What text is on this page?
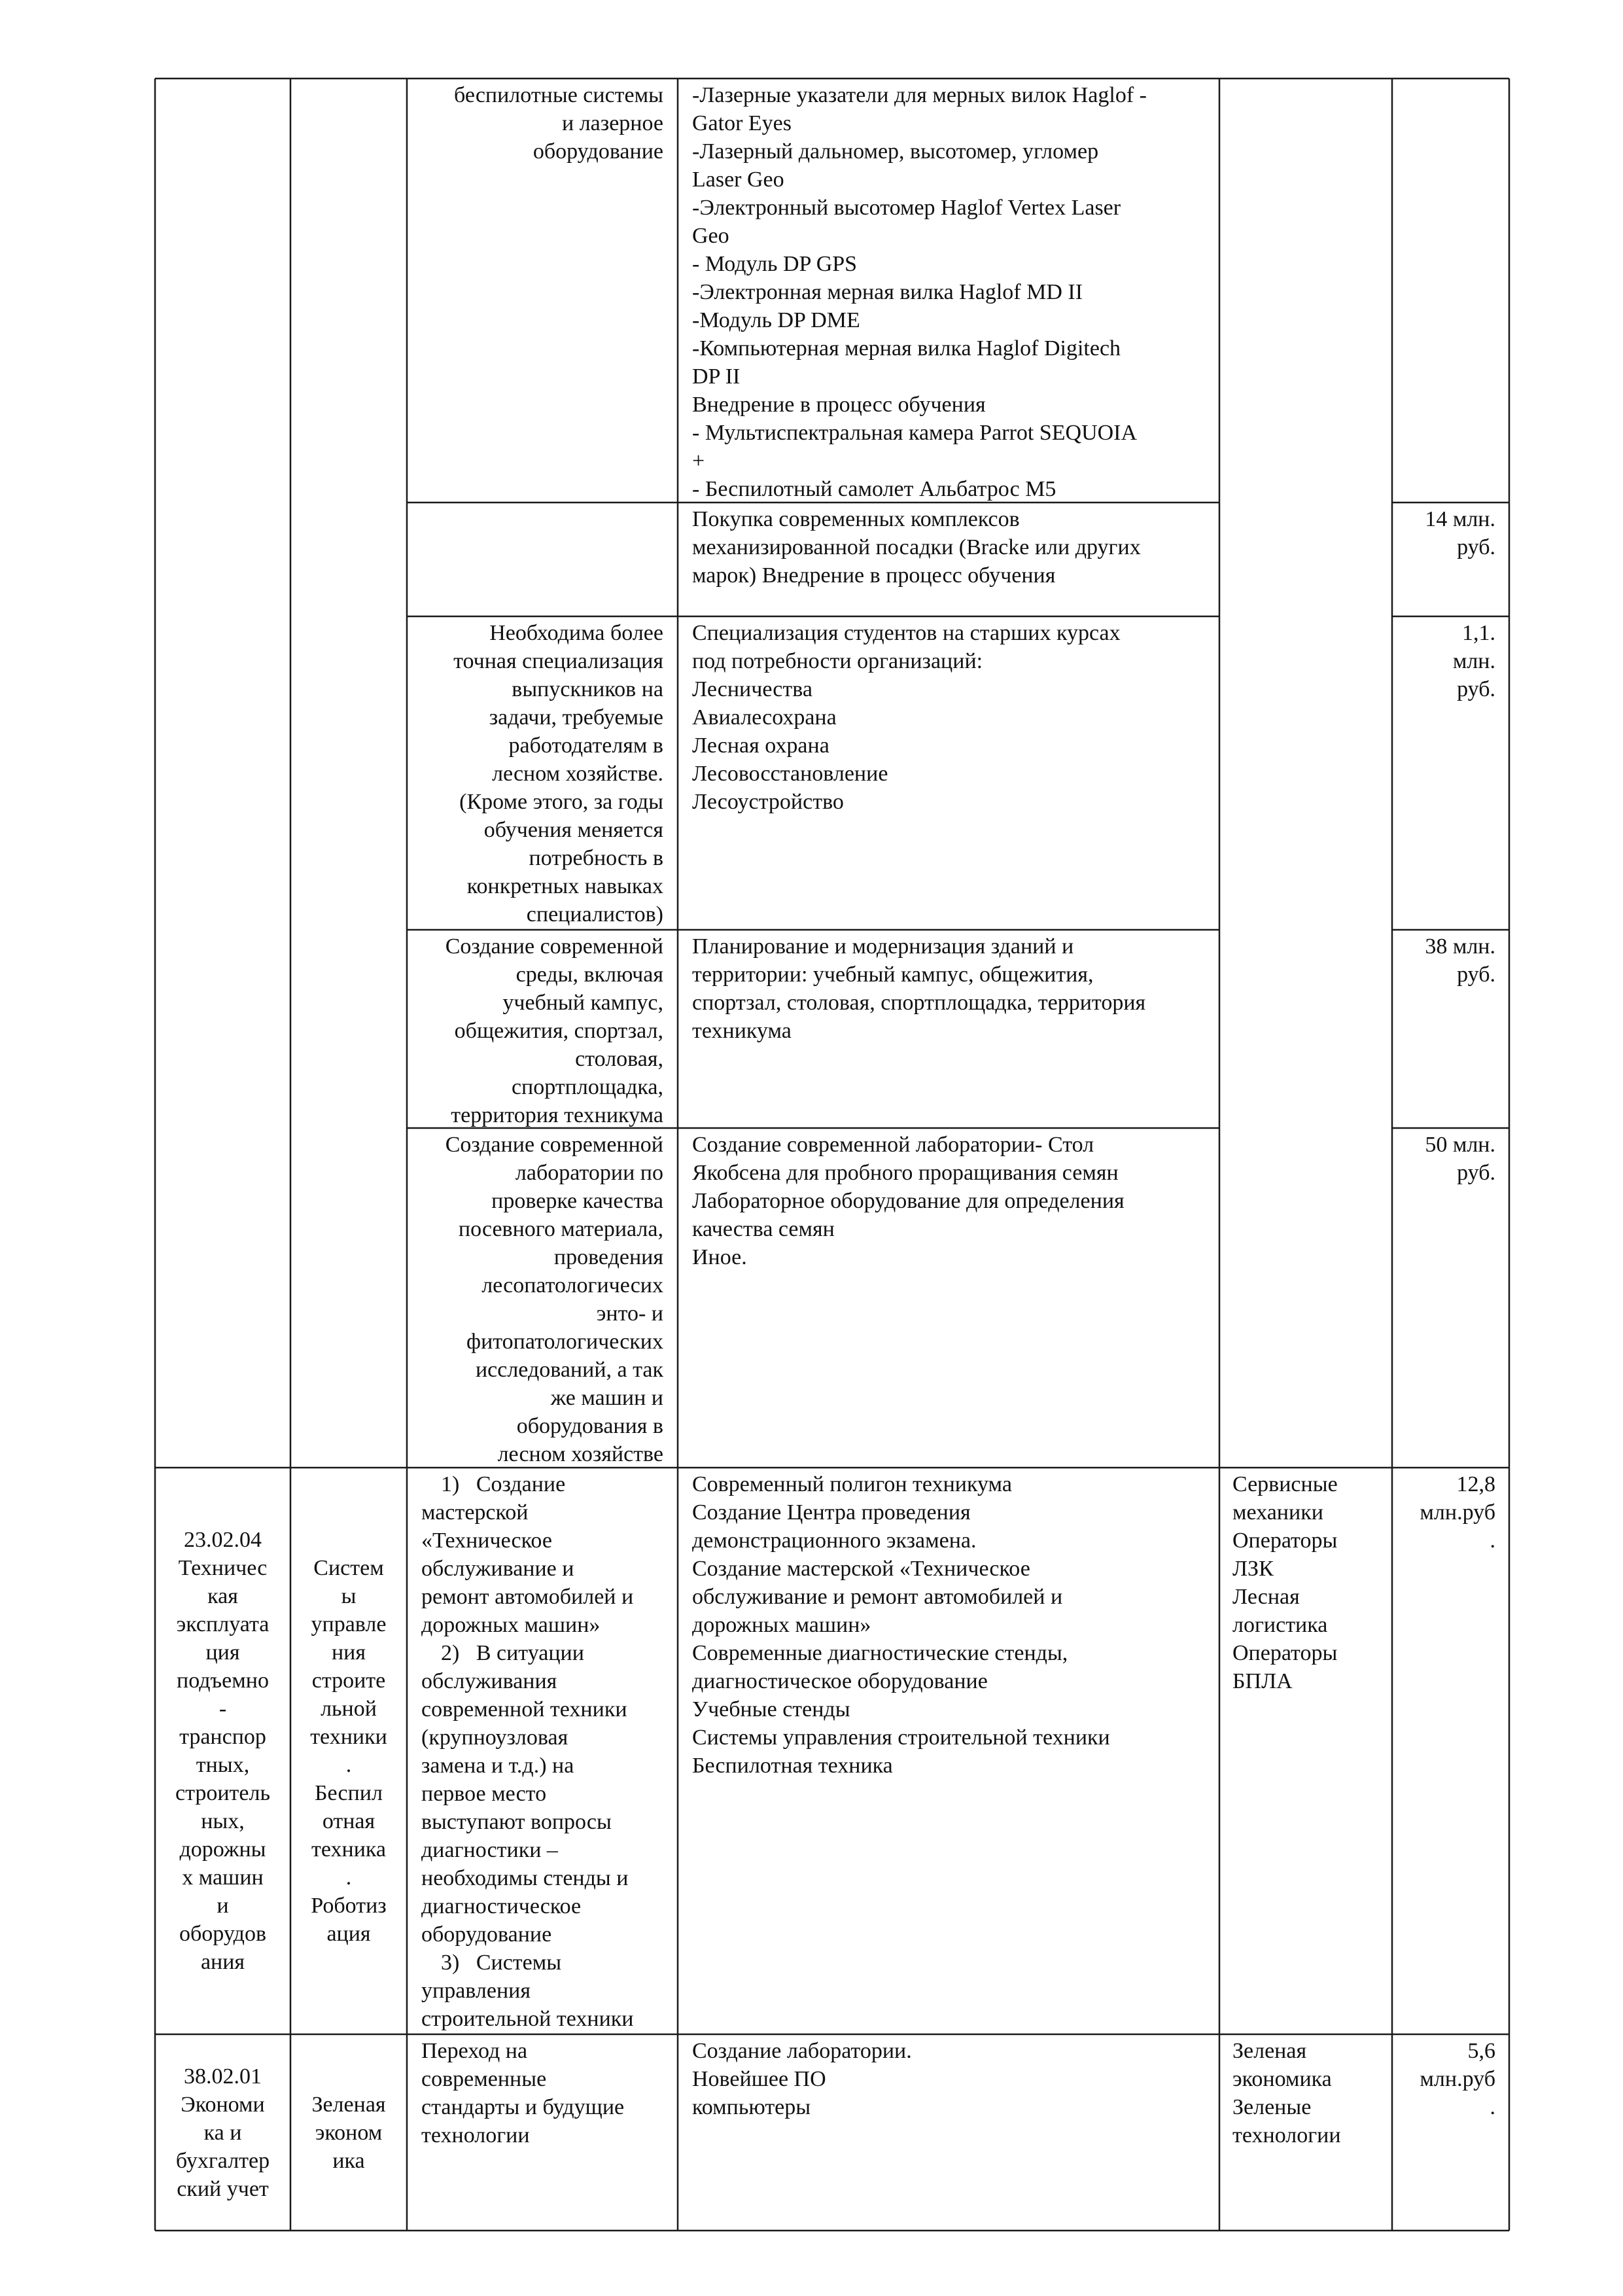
беспилотные системы
и лазерное
оборудование
-Лазерные указатели для мерных вилок Haglof -
Gator Eyes
-Лазерный дальномер, высотомер, угломер
Laser Geo
-Электронный высотомер Haglof Vertex Laser
Geo
- Модуль DP GPS
-Электронная мерная вилка Haglof MD II
-Модуль DP DME
-Компьютерная мерная вилка Haglof Digitech
DP II
Внедрение в процесс обучения
- Мультиспектральная камера Parrot SEQUOIA
+
- Беспилотный самолет Альбатрос М5
Покупка современных комплексов
механизированной посадки (Bracke или других
марок) Внедрение в процесс обучения
14 млн.
руб.
Необходима более
точная специализация
выпускников на
задачи, требуемые
работодателям в
лесном хозяйстве.
(Кроме этого, за годы
обучения меняется
потребность в
конкретных навыках
специалистов)
Специализация студентов на старших курсах
под потребности организаций:
Лесничества
Авиалесохрана
Лесная охрана
Лесовосстановление
Лесоустройство
1,1.
млн.
руб.
Создание современной
среды, включая
учебный кампус,
общежития, спортзал,
столовая,
спортплощадка,
территория техникума
Планирование и модернизация зданий и
территории: учебный кампус, общежития,
спортзал, столовая, спортплощадка, территория
техникума
38 млн.
руб.
Создание современной
лаборатории по
проверке качества
посевного материала,
проведения
лесопатологичесих
энто- и
фитопатологических
исследований, а так
же машин и
оборудования в
лесном хозяйстве
Создание современной лаборатории- Стол
Якобсена для пробного проращивания семян
Лабораторное оборудование для определения
качества семян
Иное.
50 млн.
руб.
23.02.04
Техничес
кая
эксплуата
ция
подъемно
-
транспор
тных,
строитель
ных,
дорожны
х машин
и
оборудов
ания
Систем
ы
управле
ния
строите
льной
техники
.
Беспил
отная
техника
.
Роботиз
ация
1) Создание
мастерской
«Техническое
обслуживание и
ремонт автомобилей и
дорожных машин»
2) В ситуации
обслуживания
современной техники
(крупноузловая
замена и т.д.) на
первое место
выступают вопросы
диагностики –
необходимы стенды и
диагностическое
оборудование
3) Системы
управления
строительной техники
Современный полигон техникума
Создание Центра проведения
демонстрационного экзамена.
Создание мастерской «Техническое
обслуживание и ремонт автомобилей и
дорожных машин»
Современные диагностические стенды,
диагностическое оборудование
Учебные стенды
Системы управления строительной техники
Беспилотная техника
Сервисные
механики
Операторы
ЛЗК
Лесная
логистика
Операторы
БПЛА
12,8
млн.руб
.
38.02.01
Экономи
ка и
бухгалтер
ский учет
Зеленая
эконом
ика
Переход на
современные
стандарты и будущие
технологии
Создание лаборатории.
Новейшее ПО
компьютеры
Зеленая
экономика
Зеленые
технологии
5,6
млн.руб
.
